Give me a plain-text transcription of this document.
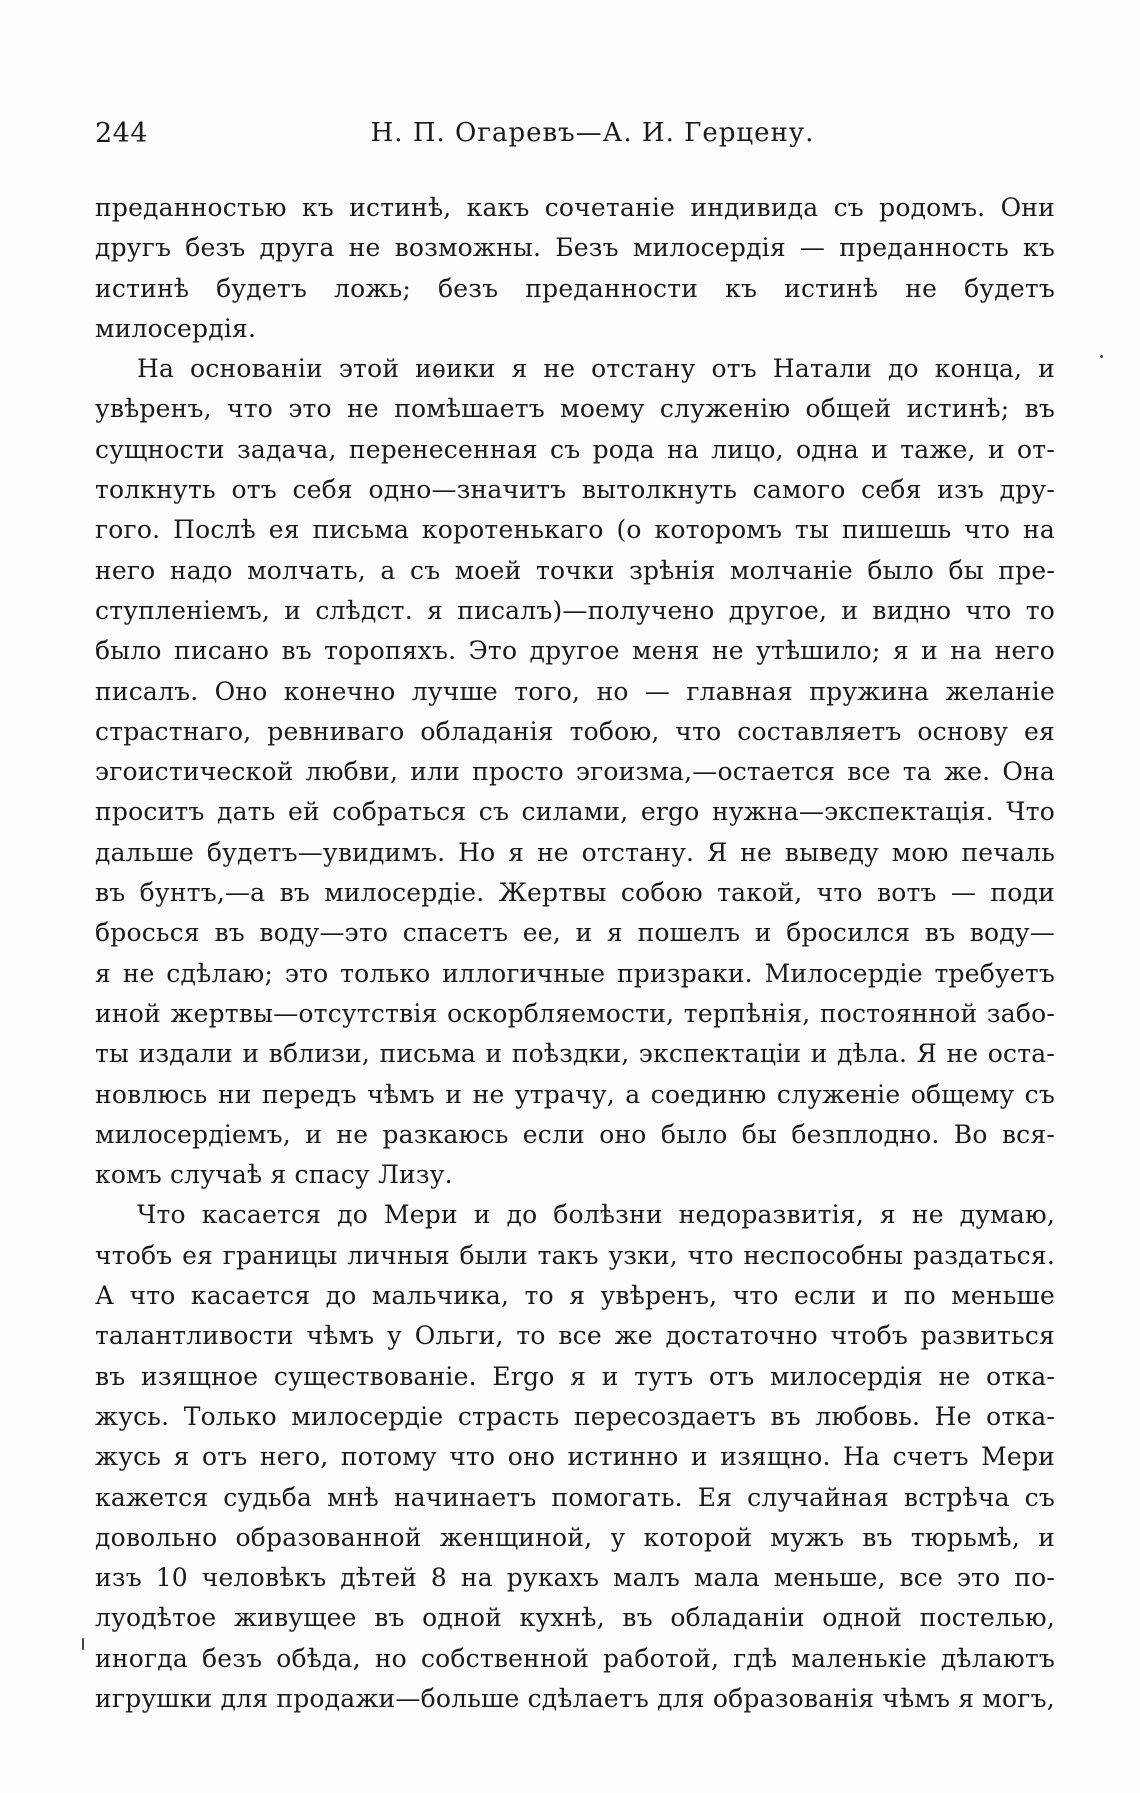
244	Н. П. Огаревъ—А. И. Герцену.
преданностью къ истинѣ, какъ сочетаніе индивида съ родомъ. Они
другъ безъ друга не возможны. Безъ милосердія — преданность къ
истинѣ будетъ ложь; безъ преданности къ истинѣ не будетъ
милосердія.
На основаніи этой иѳики я не отстану отъ Натали до конца, и
увѣренъ, что это не помѣшаетъ моему служенію общей истинѣ; въ
сущности задача, перенесенная съ рода на лицо, одна и таже, и от-
толкнуть отъ себя одно—значитъ вытолкнуть самого себя изъ дру-
гого. Послѣ ея письма коротенькаго (о которомъ ты пишешь что на
него надо молчать, а съ моей точки зрѣнія молчаніе было бы пре-
ступленіемъ, и слѣдст. я писалъ)—получено другое, и видно что то
было писано въ торопяхъ. Это другое меня не утѣшило; я и на него
писалъ. Оно конечно лучше того, но — главная пружина желаніе
страстнаго, ревниваго обладанія тобою, что составляетъ основу ея
эгоистической любви, или просто эгоизма,—остается все та же. Она
проситъ дать ей собраться съ силами, ergo нужна—экспектація. Что
дальше будетъ—увидимъ. Но я не отстану. Я не выведу мою печаль
въ бунтъ,—а въ милосердіе. Жертвы собою такой, что вотъ — поди
бросься въ воду—это спасетъ ее, и я пошелъ и бросился въ воду—
я не сдѣлаю; это только иллогичные призраки. Милосердіе требуетъ
иной жертвы—отсутствія оскорбляемости, терпѣнія, постоянной забо-
ты издали и вблизи, письма и поѣздки, экспектаціи и дѣла. Я не оста-
новлюсь ни передъ чѣмъ и не утрачу, а соединю служеніе общему съ
милосердіемъ, и не разкаюсь если оно было бы безплодно. Во вся-
комъ случаѣ я спасу Лизу.
Что касается до Мери и до болѣзни недоразвитія, я не думаю,
чтобъ ея границы личныя были такъ узки, что неспособны раздаться.
А что касается до мальчика, то я увѣренъ, что если и по меньше
талантливости чѣмъ у Ольги, то все же достаточно чтобъ развиться
въ изящное существованіе. Ergo я и тутъ отъ милосердія не отка-
жусь. Только милосердіе страсть пересоздаетъ въ любовь. Не отка-
жусь я отъ него, потому что оно истинно и изящно. На счетъ Мери
кажется судьба мнѣ начинаетъ помогать. Ея случайная встрѣча съ
довольно образованной женщиной, у которой мужъ въ тюрьмѣ, и
изъ 10 человѣкъ дѣтей 8 на рукахъ малъ мала меньше, все это по-
луодѣтое живущее въ одной кухнѣ, въ обладаніи одной постелью,
иногда безъ обѣда, но собственной работой, гдѣ маленькіе дѣлаютъ
игрушки для продажи—больше сдѣлаетъ для образованія чѣмъ я могъ,
